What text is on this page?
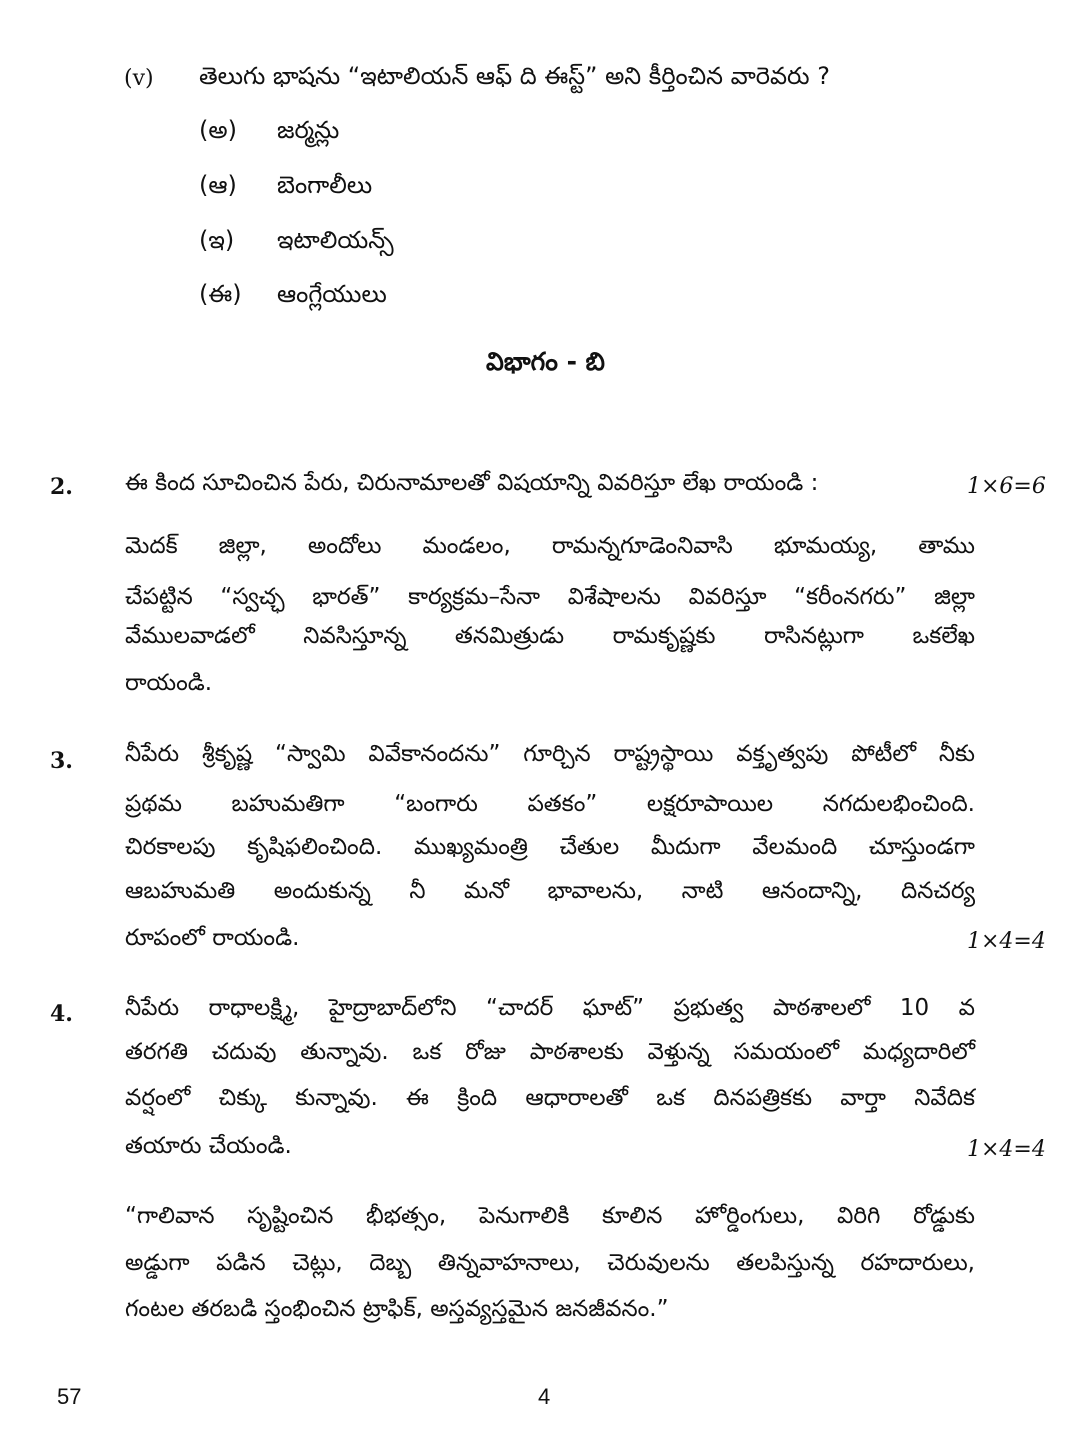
(v) తెలుగు భాషను “ఇటాలియన్ ఆఫ్ ది ఈస్ట్” అని కీర్తించిన వారెవరు ?
(అ) జర్మన్లు
(ఆ) బెంగాలీలు
(ఇ) ఇటాలియన్స్
(ఈ) ఆంగ్లేయులు
విభాగం - బి
2. ఈ కింద సూచించిన పేరు, చిరునామాలతో విషయాన్ని వివరిస్తూ లేఖ రాయండి :	1×6=6
మెదక్ జిల్లా, అందోలు మండలం, రామన్నగూడెంనివాసి భూమయ్య, తాము
చేపట్టిన “స్వచ్ఛ భారత్” కార్యక్రమ–సేనా విశేషాలను వివరిస్తూ “కరీంనగరు” జిల్లా
వేములవాడలో నివసిస్తూన్న తనమిత్రుడు రామకృష్ణకు రాసినట్లుగా ఒకలేఖ
రాయండి.
3. నీపేరు శ్రీకృష్ణ “స్వామి వివేకానందను” గూర్చిన రాష్ట్రస్థాయి వక్తృత్వపు పోటీలో నీకు
ప్రథమ బహుమతిగా “బంగారు పతకం” లక్షరూపాయిల నగదులభించింది.
చిరకాలపు కృషిఫలించింది. ముఖ్యమంత్రి చేతుల మీదుగా వేలమంది చూస్తుండగా
ఆబహుమతి అందుకున్న నీ మనో భావాలను, నాటి ఆనందాన్ని, దినచర్య
రూపంలో రాయండి.	1×4=4
4. నీపేరు రాధాలక్ష్మి, హైద్రాబాద్‌లోని “చాదర్ ఘాట్” ప్రభుత్వ పాఠశాలలో 10 వ
తరగతి చదువు తున్నావు. ఒక రోజు పాఠశాలకు వెళ్తున్న సమయంలో మధ్యదారిలో
వర్షంలో చిక్కు కున్నావు. ఈ క్రింది ఆధారాలతో ఒక దినపత్రికకు వార్తా నివేదిక
తయారు చేయండి.	1×4=4
“గాలివాన సృష్టించిన భీభత్సం, పెనుగాలికి కూలిన హోర్డింగులు, విరిగి రోడ్డుకు
అడ్డుగా పడిన చెట్లు, దెబ్బ తిన్నవాహనాలు, చెరువులను తలపిస్తున్న రహదారులు,
గంటల తరబడి స్తంభించిన ట్రాఫిక్, అస్తవ్యస్తమైన జనజీవనం.”
57	4
